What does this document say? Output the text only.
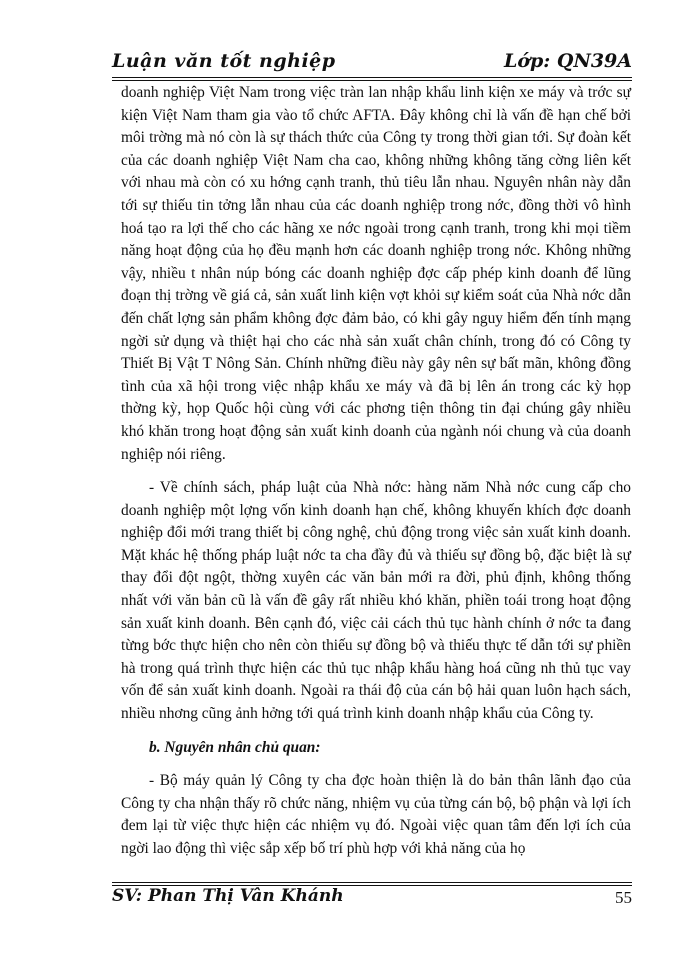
Luận văn tốt nghiệp	Lớp: QN39A

doanh nghiệp Việt Nam trong việc tràn lan nhập khẩu linh kiện xe máy và trớc sự kiện Việt Nam tham gia vào tổ chức AFTA. Đây không chỉ là vấn đề hạn chế bởi môi trờng mà nó còn là sự thách thức của Công ty trong thời gian tới. Sự đoàn kết của các doanh nghiệp Việt Nam cha cao, không những không tăng cờng liên kết với nhau mà còn có xu hớng cạnh tranh, thủ tiêu lẫn nhau. Nguyên nhân này dẫn tới sự thiếu tin tởng lẫn nhau của các doanh nghiệp trong nớc, đồng thời vô hình hoá tạo ra lợi thế cho các hãng xe nớc ngoài trong cạnh tranh, trong khi mọi tiềm năng hoạt động của họ đều mạnh hơn các doanh nghiệp trong nớc. Không những vậy, nhiều t nhân núp bóng các doanh nghiệp đợc cấp phép kinh doanh để lũng đoạn thị trờng về giá cả, sản xuất linh kiện vợt khỏi sự kiểm soát của Nhà nớc dẫn đến chất lợng sản phẩm không đợc đảm bảo, có khi gây nguy hiểm đến tính mạng ngời sử dụng và thiệt hại cho các nhà sản xuất chân chính, trong đó có Công ty Thiết Bị Vật T Nông Sản. Chính những điều này gây nên sự bất mãn, không đồng tình của xã hội trong việc nhập khẩu xe máy và đã bị lên án trong các kỳ họp thờng kỳ, họp Quốc hội cùng với các phơng tiện thông tin đại chúng gây nhiều khó khăn trong hoạt động sản xuất kinh doanh của ngành nói chung và của doanh nghiệp nói riêng.

- Về chính sách, pháp luật của Nhà nớc: hàng năm Nhà nớc cung cấp cho doanh nghiệp một lợng vốn kinh doanh hạn chế, không khuyến khích đợc doanh nghiệp đổi mới trang thiết bị công nghệ, chủ động trong việc sản xuất kinh doanh. Mặt khác hệ thống pháp luật nớc ta cha đầy đủ và thiếu sự đồng bộ, đặc biệt là sự thay đổi đột ngột, thờng xuyên các văn bản mới ra đời, phủ định, không thống nhất với văn bản cũ là vấn đề gây rất nhiều khó khăn, phiền toái trong hoạt động sản xuất kinh doanh. Bên cạnh đó, việc cải cách thủ tục hành chính ở nớc ta đang từng bớc thực hiện cho nên còn thiếu sự đồng bộ và thiếu thực tế dẫn tới sự phiền hà trong quá trình thực hiện các thủ tục nhập khẩu hàng hoá cũng nh thủ tục vay vốn để sản xuất kinh doanh. Ngoài ra thái độ của cán bộ hải quan luôn hạch sách, nhiều nhơng cũng ảnh hởng tới quá trình kinh doanh nhập khẩu của Công ty.

b. Nguyên nhân chủ quan:

- Bộ máy quản lý Công ty cha đợc hoàn thiện là do bản thân lãnh đạo của Công ty cha nhận thấy rõ chức năng, nhiệm vụ của từng cán bộ, bộ phận và lợi ích đem lại từ việc thực hiện các nhiệm vụ đó. Ngoài việc quan tâm đến lợi ích của ngời lao động thì việc sắp xếp bố trí phù hợp với khả năng của họ

SV: Phan Thị Vân Khánh	55
